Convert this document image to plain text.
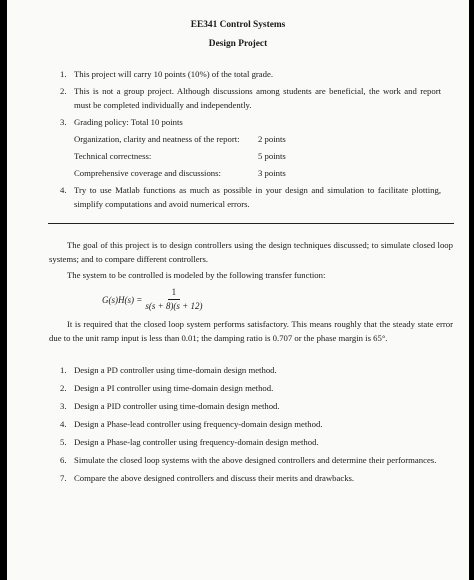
EE341 Control Systems
Design Project
1. This project will carry 10 points (10%) of the total grade.
2. This is not a group project. Although discussions among students are beneficial, the work and report must be completed individually and independently.
3. Grading policy: Total 10 points
Organization, clarity and neatness of the report:	2 points
Technical correctness:	5 points
Comprehensive coverage and discussions:	3 points
4. Try to use Matlab functions as much as possible in your design and simulation to facilitate plotting, simplify computations and avoid numerical errors.

The goal of this project is to design controllers using the design techniques discussed; to simulate closed loop systems; and to compare different controllers.

The system to be controlled is modeled by the following transfer function:

$G(s)H(s) = \frac{1}{s(s + 8)(s + 12)}$

It is required that the closed loop system performs satisfactory. This means roughly that the steady state error due to the unit ramp input is less than 0.01; the damping ratio is 0.707 or the phase margin is 65°.

1. Design a PD controller using time-domain design method.
2. Design a PI controller using time-domain design method.
3. Design a PID controller using time-domain design method.
4. Design a Phase-lead controller using frequency-domain design method.
5. Design a Phase-lag controller using frequency-domain design method.
6. Simulate the closed loop systems with the above designed controllers and determine their performances.
7. Compare the above designed controllers and discuss their merits and drawbacks.
